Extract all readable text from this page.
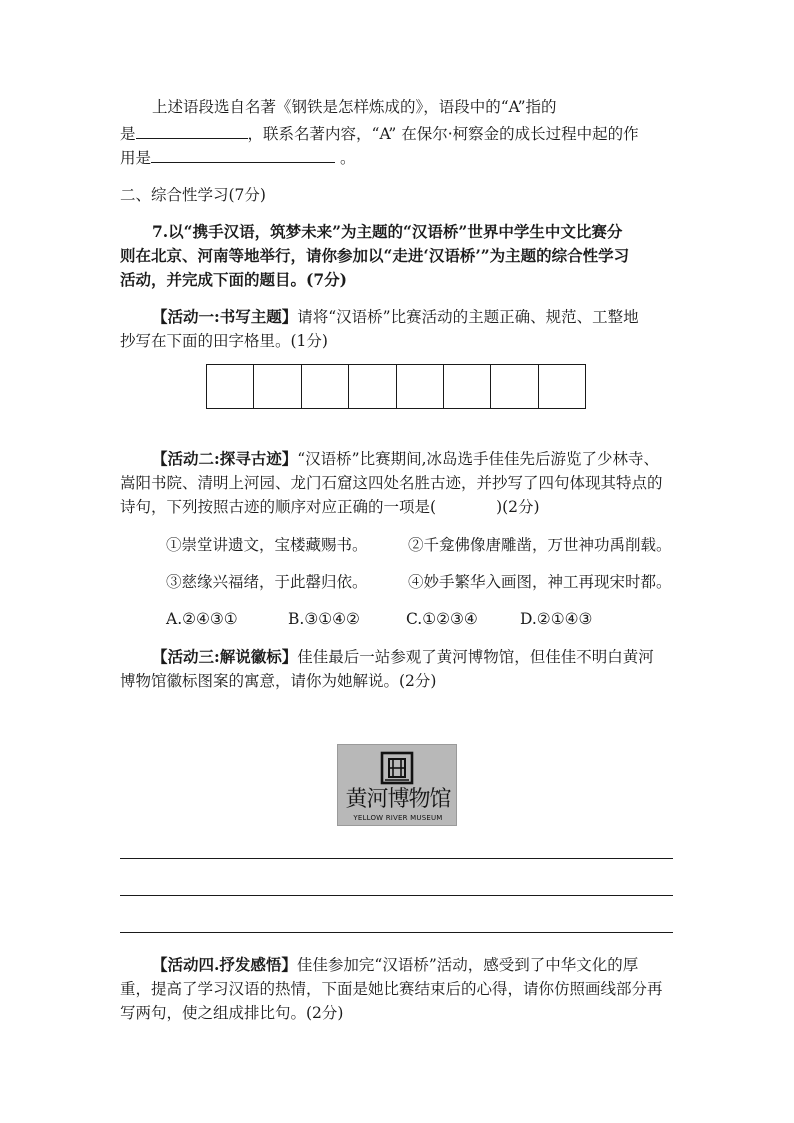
上述语段选自名著《钢铁是怎样炼成的》，语段中的“A”指的
是	，联系名著内容，“A” 在保尔·柯察金的成长过程中起的作
用是	。
二、综合性学习(7分)
7.以“携手汉语，筑梦未来”为主题的“汉语桥”世界中学生中文比赛分
则在北京、河南等地举行，请你参加以“走进‘汉语桥’”为主题的综合性学习
活动，并完成下面的题目。(7分)
【活动一:书写主题】请将“汉语桥”比赛活动的主题正确、规范、工整地
抄写在下面的田字格里。(1分)
【活动二:探寻古迹】“汉语桥”比赛期间,冰岛选手佳佳先后游览了少林寺、
嵩阳书院、清明上河园、龙门石窟这四处名胜古迹，并抄写了四句体现其特点的
诗句，下列按照古迹的顺序对应正确的一项是(	)(2分)
①崇堂讲遗文，宝楼藏赐书。	②千龛佛像唐雕凿，万世神功禹削载。
③慈缘兴福绪，于此罄归依。	④妙手繁华入画图，神工再现宋时都。
A.②④③①	B.③①④②	C.①②③④	D.②①④③
【活动三:解说徽标】佳佳最后一站参观了黄河博物馆，但佳佳不明白黄河
博物馆徽标图案的寓意，请你为她解说。(2分)
黄河博物馆
YELLOW RIVER MUSEUM
【活动四.抒发感悟】佳佳参加完“汉语桥”活动，感受到了中华文化的厚
重，提高了学习汉语的热情，下面是她比赛结束后的心得，请你仿照画线部分再
写两句，使之组成排比句。(2分)
